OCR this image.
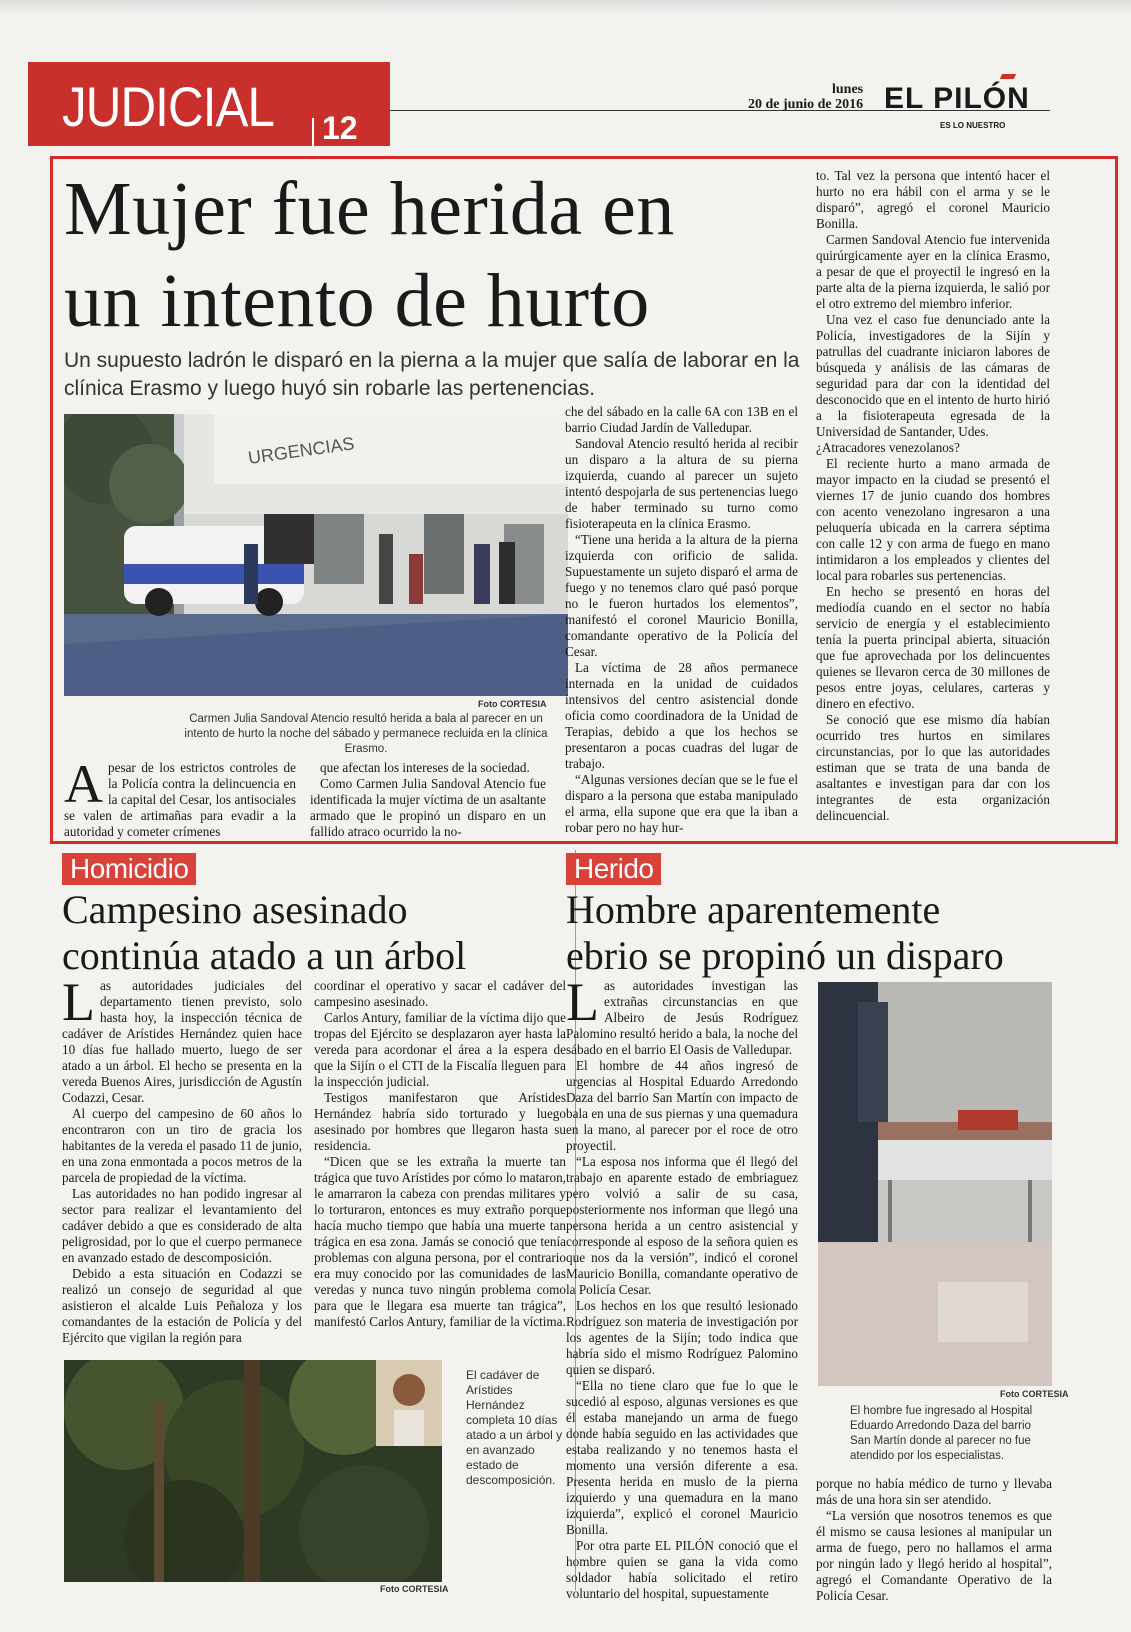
JUDICIAL 12
lunes
20 de junio de 2016 EL PILÓN
ES LO NUESTRO
Mujer fue herida en
un intento de hurto
Un supuesto ladrón le disparó en la pierna a la mujer que salía de laborar en la clínica Erasmo y luego huyó sin robarle las pertenencias.
URGENCIAS
Foto CORTESIA
Carmen Julia Sandoval Atencio resultó herida a bala al parecer en un intento de hurto la noche del sábado y permanece recluida en la clínica Erasmo.

Apesar de los estrictos controles de la Policía contra la delincuencia en la capital del Cesar, los antisociales se valen de artimañas para evadir a la autoridad y cometer crímenes

que afectan los intereses de la sociedad.

Como Carmen Julia Sandoval Atencio fue identificada la mujer víctima de un asaltante armado que le propinó un disparo en un fallido atraco ocurrido la no-

che del sábado en la calle 6A con 13B en el barrio Ciudad Jardín de Valledupar.

Sandoval Atencio resultó herida al recibir un disparo a la altura de su pierna izquierda, cuando al parecer un sujeto intentó despojarla de sus pertenencias luego de haber terminado su turno como fisioterapeuta en la clínica Erasmo.

“Tiene una herida a la altura de la pierna izquierda con orificio de salida. Supuestamente un sujeto disparó el arma de fuego y no tenemos claro qué pasó porque no le fueron hurtados los elementos”, manifestó el coronel Mauricio Bonilla, comandante operativo de la Policía del Cesar.

La víctima de 28 años permanece internada en la unidad de cuidados intensivos del centro asistencial donde oficia como coordinadora de la Unidad de Terapias, debido a que los hechos se presentaron a pocas cuadras del lugar de trabajo.

“Algunas versiones decían que se le fue el disparo a la persona que estaba manipulado el arma, ella supone que era que la iban a robar pero no hay hur-

to. Tal vez la persona que intentó hacer el hurto no era hábil con el arma y se le disparó”, agregó el coronel Mauricio Bonilla.

Carmen Sandoval Atencio fue intervenida quirúrgicamente ayer en la clínica Erasmo, a pesar de que el proyectil le ingresó en la parte alta de la pierna izquierda, le salió por el otro extremo del miembro inferior.

Una vez el caso fue denunciado ante la Policía, investigadores de la Sijín y patrullas del cuadrante iniciaron labores de búsqueda y análisis de las cámaras de seguridad para dar con la identidad del desconocido que en el intento de hurto hirió a la fisioterapeuta egresada de la Universidad de Santander, Udes.

¿Atracadores venezolanos?

El reciente hurto a mano armada de mayor impacto en la ciudad se presentó el viernes 17 de junio cuando dos hombres con acento venezolano ingresaron a una peluquería ubicada en la carrera séptima con calle 12 y con arma de fuego en mano intimidaron a los empleados y clientes del local para robarles sus pertenencias.

En hecho se presentó en horas del mediodía cuando en el sector no había servicio de energía y el establecimiento tenía la puerta principal abierta, situación que fue aprovechada por los delincuentes quienes se llevaron cerca de 30 millones de pesos entre joyas, celulares, carteras y dinero en efectivo.

Se conoció que ese mismo día habían ocurrido tres hurtos en similares circunstancias, por lo que las autoridades estiman que se trata de una banda de asaltantes e investigan para dar con los integrantes de esta organización delincuencial.

Homicidio
Campesino asesinado
continúa atado a un árbol

Las autoridades judiciales del departamento tienen previsto, solo hasta hoy, la inspección técnica de cadáver de Arístides Hernández quien hace 10 días fue hallado muerto, luego de ser atado a un árbol. El hecho se presenta en la vereda Buenos Aires, jurisdicción de Agustín Codazzi, Cesar.

Al cuerpo del campesino de 60 años lo encontraron con un tiro de gracia los habitantes de la vereda el pasado 11 de junio, en una zona enmontada a pocos metros de la parcela de propiedad de la víctima.

Las autoridades no han podido ingresar al sector para realizar el levantamiento del cadáver debido a que es considerado de alta peligrosidad, por lo que el cuerpo permanece en avanzado estado de descomposición.

Debido a esta situación en Codazzi se realizó un consejo de seguridad al que asistieron el alcalde Luis Peñaloza y los comandantes de la estación de Policía y del Ejército que vigilan la región para

coordinar el operativo y sacar el cadáver del campesino asesinado.

Carlos Antury, familiar de la víctima dijo que tropas del Ejército se desplazaron ayer hasta la vereda para acordonar el área a la espera de que la Sijín o el CTI de la Fiscalía lleguen para la inspección judicial.

Testigos manifestaron que Arístides Hernández habría sido torturado y luego asesinado por hombres que llegaron hasta su residencia.

“Dicen que se les extraña la muerte tan trágica que tuvo Arístides por cómo lo mataron, le amarraron la cabeza con prendas militares y lo torturaron, entonces es muy extraño porque hacía mucho tiempo que había una muerte tan trágica en esa zona. Jamás se conoció que tenía problemas con alguna persona, por el contrario era muy conocido por las comunidades de las veredas y nunca tuvo ningún problema como para que le llegara esa muerte tan trágica”, manifestó Carlos Antury, familiar de la víctima.

El cadáver de Arístides Hernández completa 10 días atado a un árbol y en avanzado estado de descomposición.
Foto CORTESIA
Herido
Hombre aparentemente
ebrio se propinó un disparo

Las autoridades investigan las extrañas circunstancias en que Albeiro de Jesús Rodríguez Palomino resultó herido a bala, la noche del sábado en el barrio El Oasis de Valledupar.

El hombre de 44 años ingresó de urgencias al Hospital Eduardo Arredondo Daza del barrio San Martín con impacto de bala en una de sus piernas y una quemadura en la mano, al parecer por el roce de otro proyectil.

“La esposa nos informa que él llegó del trabajo en aparente estado de embriaguez pero volvió a salir de su casa, posteriormente nos informan que llegó una persona herida a un centro asistencial y corresponde al esposo de la señora quien es que nos da la versión”, indicó el coronel Mauricio Bonilla, comandante operativo de la Policía Cesar.

Los hechos en los que resultó lesionado Rodríguez son materia de investigación por los agentes de la Sijín; todo indica que habría sido el mismo Rodríguez Palomino quien se disparó.

“Ella no tiene claro que fue lo que le sucedió al esposo, algunas versiones es que él estaba manejando un arma de fuego donde había seguido en las actividades que estaba realizando y no tenemos hasta el momento una versión diferente a esa. Presenta herida en muslo de la pierna izquierdo y una quemadura en la mano izquierda”, explicó el coronel Mauricio Bonilla.

Por otra parte EL PILÓN conoció que el hombre quien se gana la vida como soldador había solicitado el retiro voluntario del hospital, supuestamente

Foto CORTESIA
El hombre fue ingresado al Hospital Eduardo Arredondo Daza del barrio San Martín donde al parecer no fue atendido por los especialistas.

porque no había médico de turno y llevaba más de una hora sin ser atendido.

“La versión que nosotros tenemos es que él mismo se causa lesiones al manipular un arma de fuego, pero no hallamos el arma por ningún lado y llegó herido al hospital”, agregó el Comandante Operativo de la Policía Cesar.
